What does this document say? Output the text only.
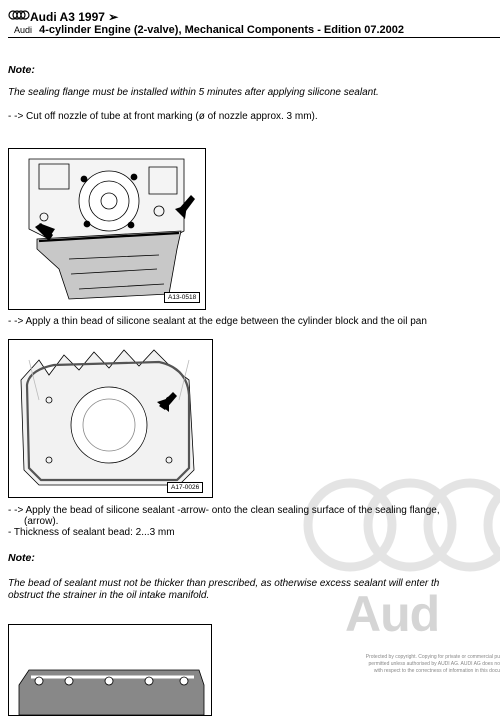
Audi A3 1997 ➢
Audi 4-cylinder Engine (2-valve), Mechanical Components - Edition 07.2002
Note:
The sealing flange must be installed within 5 minutes after applying silicone sealant.
- -> Cut off nozzle of tube at front marking (ø of nozzle approx. 3 mm).
A13-0518
- -> Apply a thin bead of silicone sealant at the edge between the cylinder block and the oil pan
A17-0026
- -> Apply the bead of silicone sealant -arrow- onto the clean sealing surface of the sealing flange,
(arrow).
- Thickness of sealant bead: 2...3 mm
Note:
The bead of sealant must not be thicker than prescribed, as otherwise excess sealant will enter th
obstruct the strainer in the oil intake manifold.	Aud
Protected by copyright. Copying for private or commercial pu
permitted unless authorised by AUDI AG. AUDI AG does no
with respect to the correctness of information in this docu
